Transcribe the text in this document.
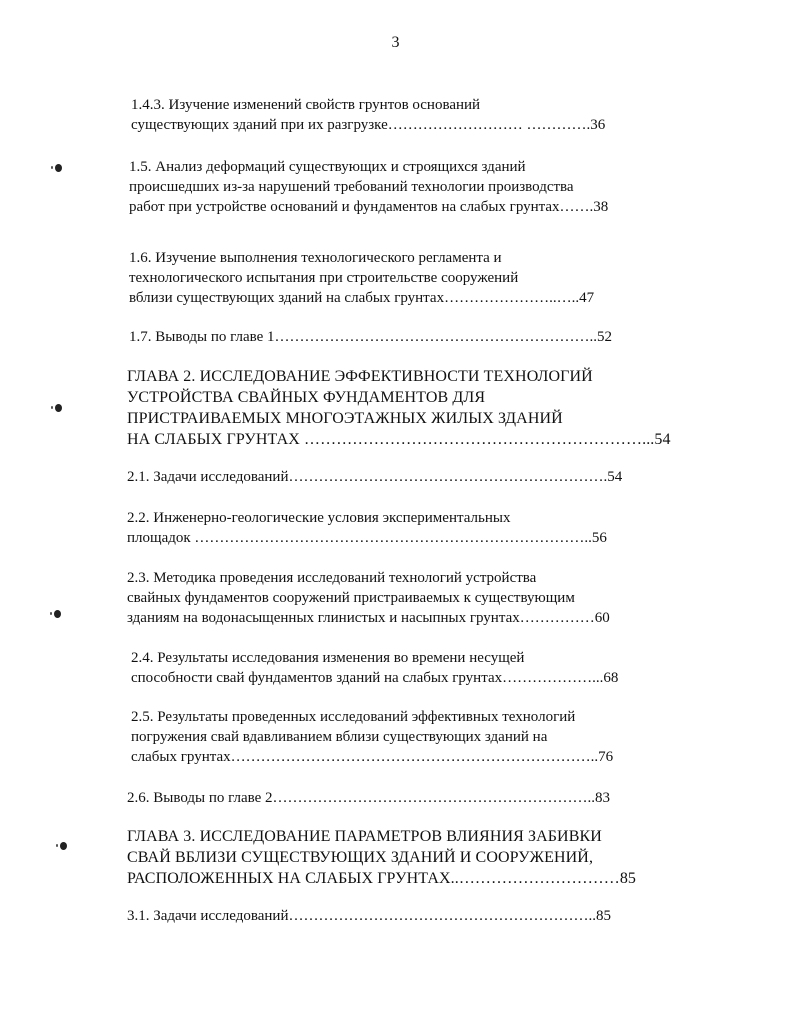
3
1.4.3. Изучение изменений свойств грунтов оснований
существующих зданий при их разгрузке……………………… ………….36
1.5. Анализ деформаций существующих и строящихся зданий
происшедших из-за нарушений требований технологии производства
работ при устройстве оснований и фундаментов на слабых грунтах…….38
1.6. Изучение выполнения технологического регламента и
технологического испытания при строительстве сооружений
вблизи существующих зданий на слабых грунтах…………………..…..47
1.7. Выводы по главе 1………………………………………………………..52
ГЛАВА 2. ИССЛЕДОВАНИЕ ЭФФЕКТИВНОСТИ ТЕХНОЛОГИЙ
УСТРОЙСТВА СВАЙНЫХ ФУНДАМЕНТОВ ДЛЯ
ПРИСТРАИВАЕМЫХ МНОГОЭТАЖНЫХ ЖИЛЫХ ЗДАНИЙ
НА СЛАБЫХ ГРУНТАХ ………………………………………………………...54
2.1. Задачи исследований……………………………………………………….54
2.2. Инженерно-геологические условия экспериментальных
площадок ……………………………………………………………………..56
2.3. Методика проведения исследований технологий устройства
свайных фундаментов сооружений пристраиваемых к существующим
зданиям на водонасыщенных глинистых и насыпных грунтах……………60
2.4. Результаты исследования изменения во времени несущей
способности свай фундаментов зданий на слабых грунтах………………...68
2.5. Результаты проведенных исследований эффективных технологий
погружения свай вдавливанием вблизи существующих зданий на
слабых грунтах………………………………………………………………..76
2.6. Выводы по главе 2………………………………………………………..83
ГЛАВА 3. ИССЛЕДОВАНИЕ ПАРАМЕТРОВ ВЛИЯНИЯ ЗАБИВКИ
СВАЙ ВБЛИЗИ СУЩЕСТВУЮЩИХ ЗДАНИЙ И СООРУЖЕНИЙ,
РАСПОЛОЖЕННЫХ НА СЛАБЫХ ГРУНТАХ..…………………………85
3.1. Задачи исследований……………………………………………………..85
